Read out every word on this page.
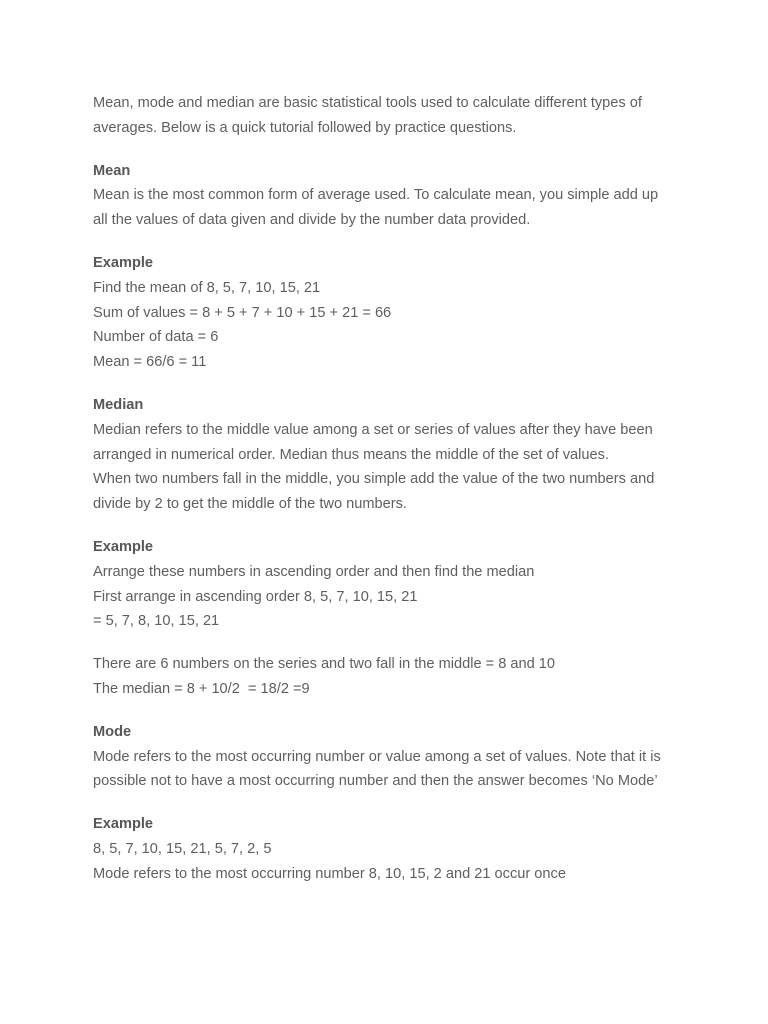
Mean, mode and median are basic statistical tools used to calculate different types of
averages. Below is a quick tutorial followed by practice questions.
Mean
Mean is the most common form of average used. To calculate mean, you simple add up
all the values of data given and divide by the number data provided.
Example
Find the mean of 8, 5, 7, 10, 15, 21
Sum of values = 8 + 5 + 7 + 10 + 15 + 21 = 66
Number of data = 6
Mean = 66/6 = 11
Median
Median refers to the middle value among a set or series of values after they have been
arranged in numerical order. Median thus means the middle of the set of values.
When two numbers fall in the middle, you simple add the value of the two numbers and
divide by 2 to get the middle of the two numbers.
Example
Arrange these numbers in ascending order and then find the median
First arrange in ascending order 8, 5, 7, 10, 15, 21
= 5, 7, 8, 10, 15, 21
There are 6 numbers on the series and two fall in the middle = 8 and 10
The median = 8 + 10/2  = 18/2 =9
Mode
Mode refers to the most occurring number or value among a set of values. Note that it is
possible not to have a most occurring number and then the answer becomes ‘No Mode’
Example
8, 5, 7, 10, 15, 21, 5, 7, 2, 5
Mode refers to the most occurring number 8, 10, 15, 2 and 21 occur once
